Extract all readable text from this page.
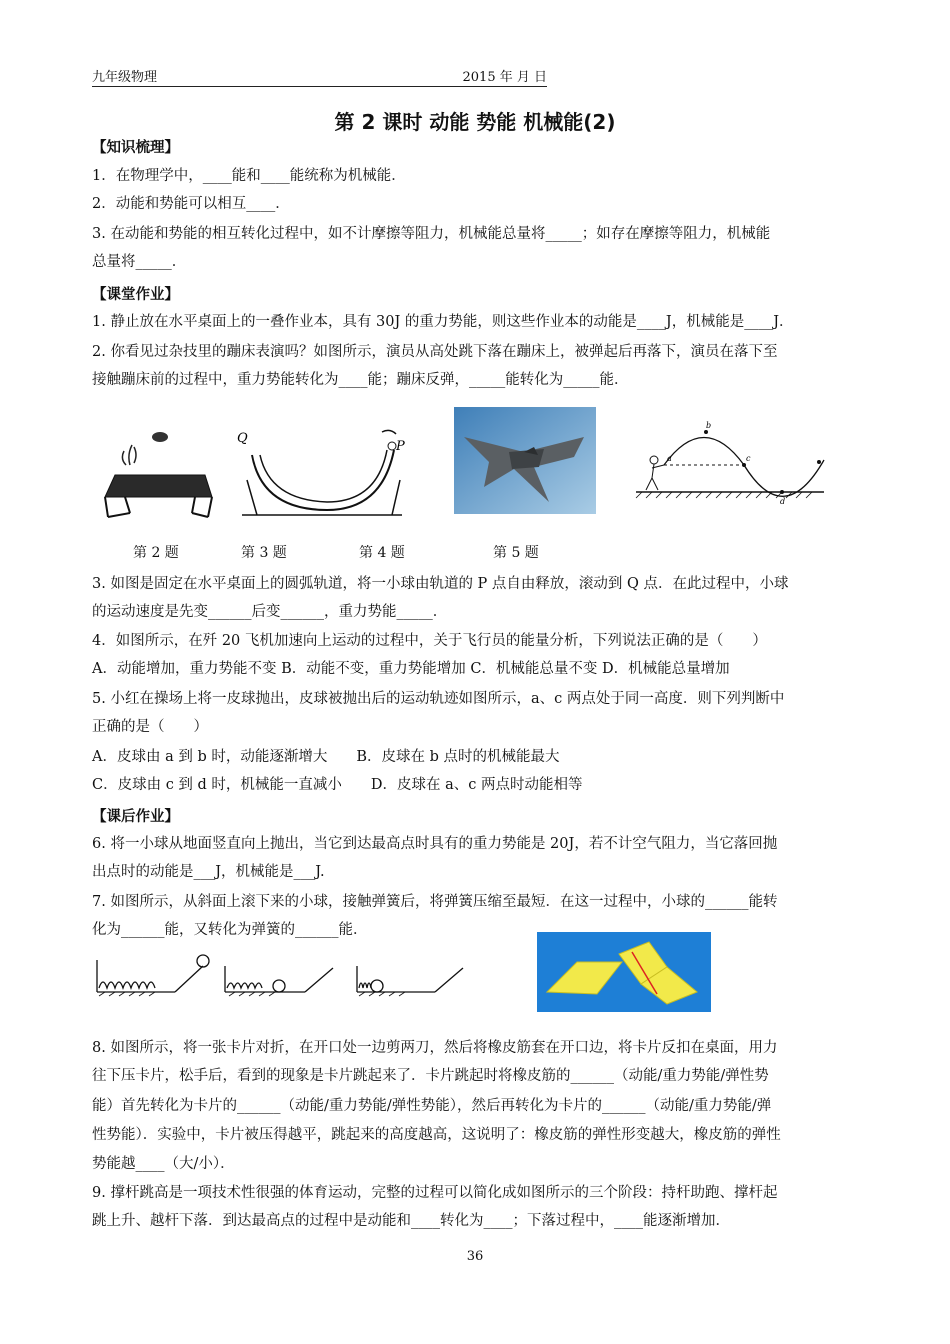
九年级物理	2015 年 月 日
第 2 课时 动能 势能 机械能(2)
【知识梳理】
1．在物理学中，____能和____能统称为机械能．
2．动能和势能可以相互____．
3. 在动能和势能的相互转化过程中，如不计摩擦等阻力，机械能总量将_____；如存在摩擦等阻力，机械能
总量将_____．
【课堂作业】
1. 静止放在水平桌面上的一叠作业本，具有 30J 的重力势能，则这些作业本的动能是____J，机械能是____J．
2. 你看见过杂技里的蹦床表演吗？如图所示，演员从高处跳下落在蹦床上，被弹起后再落下，演员在落下至
接触蹦床前的过程中，重力势能转化为____能；蹦床反弹，_____能转化为_____能．
Q
P
a
b
c
d
第 2 题	第 3 题	第 4 题	第 5 题
3. 如图是固定在水平桌面上的圆弧轨道，将一小球由轨道的 P 点自由释放，滚动到 Q 点．在此过程中，小球
的运动速度是先变______后变______，重力势能_____．
4．如图所示，在歼 20 飞机加速向上运动的过程中，关于飞行员的能量分析，下列说法正确的是（　　）
A．动能增加，重力势能不变 B．动能不变，重力势能增加 C．机械能总量不变 D．机械能总量增加
5. 小红在操场上将一皮球抛出，皮球被抛出后的运动轨迹如图所示，a、c 两点处于同一高度．则下列判断中
正确的是（　　）
A．皮球由 a 到 b 时，动能逐渐增大　　B．皮球在 b 点时的机械能最大
C．皮球由 c 到 d 时，机械能一直减小　　D．皮球在 a、c 两点时动能相等
【课后作业】
6. 将一小球从地面竖直向上抛出，当它到达最高点时具有的重力势能是 20J，若不计空气阻力，当它落回抛
出点时的动能是___J，机械能是___J.
7. 如图所示，从斜面上滚下来的小球，接触弹簧后，将弹簧压缩至最短．在这一过程中，小球的______能转
化为______能，又转化为弹簧的______能．
8. 如图所示，将一张卡片对折，在开口处一边剪两刀，然后将橡皮筋套在开口边，将卡片反扣在桌面，用力
往下压卡片，松手后，看到的现象是卡片跳起来了．卡片跳起时将橡皮筋的______（动能/重力势能/弹性势
能）首先转化为卡片的______（动能/重力势能/弹性势能），然后再转化为卡片的______（动能/重力势能/弹
性势能）．实验中，卡片被压得越平，跳起来的高度越高，这说明了：橡皮筋的弹性形变越大，橡皮筋的弹性
势能越____（大/小）．
9. 撑杆跳高是一项技术性很强的体育运动，完整的过程可以简化成如图所示的三个阶段：持杆助跑、撑杆起
跳上升、越杆下落．到达最高点的过程中是动能和____转化为____；下落过程中，____能逐渐增加．
36
